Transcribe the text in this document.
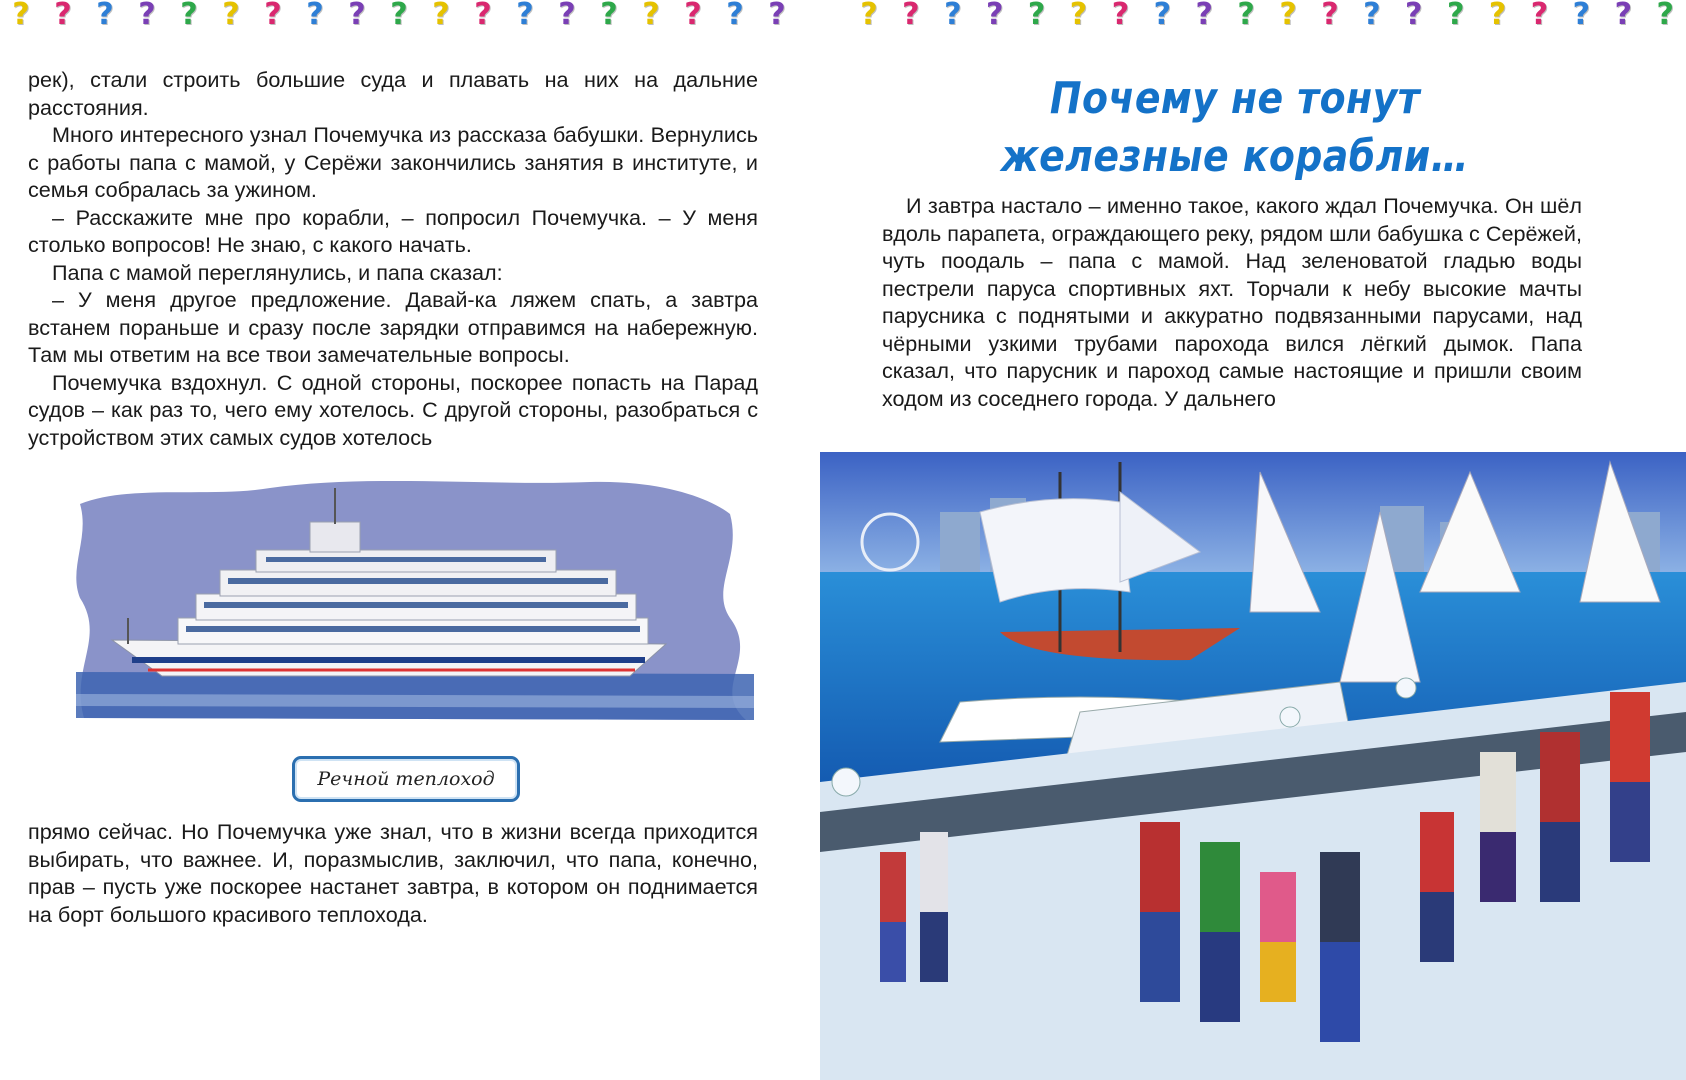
? ? ? ? ? ? ? ? ? ? ? ? ? ? ? ? ? ? ?	? ? ? ? ? ? ? ? ? ? ? ? ? ? ? ? ? ? ? ?

рек), стали строить большие суда и плавать на них на дальние расстояния.

Много интересного узнал Почемучка из рассказа бабушки. Вернулись с работы папа с мамой, у Серёжи закончились занятия в институте, и семья собралась за ужином.

– Расскажите мне про корабли, – попросил Почемучка. – У меня столько вопросов! Не знаю, с какого начать.

Папа с мамой переглянулись, и папа сказал:

– У меня другое предложение. Давай-ка ляжем спать, а завтра встанем пораньше и сразу после зарядки отправимся на набережную. Там мы ответим на все твои замечательные вопросы.

Почемучка вздохнул. С одной стороны, поскорее попасть на Парад судов – как раз то, чего ему хотелось. С другой стороны, разобраться с устройством этих самых судов хотелось

Речной теплоход

прямо сейчас. Но Почемучка уже знал, что в жизни всегда приходится выбирать, что важнее. И, поразмыслив, заключил, что папа, конечно, прав – пусть уже поскорее настанет завтра, в котором он поднимается на борт большого красивого теплохода.

Почему не тонут
железные корабли…

И завтра настало – именно такое, какого ждал Почемучка. Он шёл вдоль парапета, ограждающего реку, рядом шли бабушка с Серёжей, чуть поодаль – папа с мамой. Над зеленоватой гладью воды пестрели паруса спортивных яхт. Торчали к небу высокие мачты парусника с поднятыми и аккуратно подвязанными парусами, над чёрными узкими трубами парохода вился лёгкий дымок. Папа сказал, что парусник и пароход самые настоящие и пришли своим ходом из соседнего города. У дальнего
